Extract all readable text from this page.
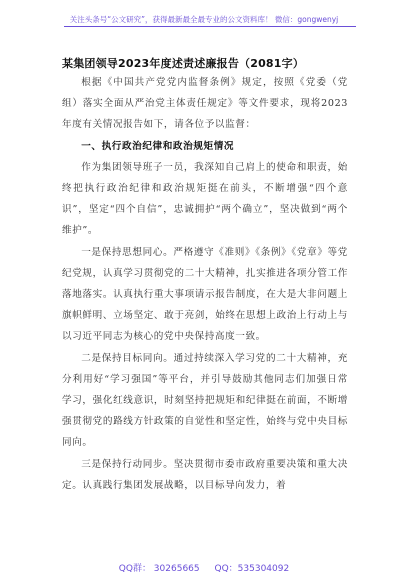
关注头条号“公文研究”，获得最新最全最专业的公文资料库！ 微信：gongwenyj
某集团领导2023年度述责述廉报告（2081字）

根据《中国共产党党内监督条例》规定，按照《党委（党组）落实全面从严治党主体责任规定》等文件要求，现将2023年度有关情况报告如下，请各位予以监督：

一、执行政治纪律和政治规矩情况

作为集团领导班子一员，我深知自己肩上的使命和职责，始终把执行政治纪律和政治规矩挺在前头，不断增强“四个意识”，坚定“四个自信”，忠诚拥护“两个确立”，坚决做到“两个维护”。

一是保持思想同心。严格遵守《准则》《条例》《党章》等党纪党规，认真学习贯彻党的二十大精神，扎实推进各项分管工作落地落实。认真执行重大事项请示报告制度，在大是大非问题上旗帜鲜明、立场坚定、敢于亮剑，始终在思想上政治上行动上与以习近平同志为核心的党中央保持高度一致。

二是保持目标同向。通过持续深入学习党的二十大精神，充分利用好“学习强国”等平台，并引导鼓励其他同志们加强日常学习，强化红线意识，时刻坚持把规矩和纪律挺在前面，不断增强贯彻党的路线方针政策的自觉性和坚定性，始终与党中央目标同向。

三是保持行动同步。坚决贯彻市委市政府重要决策和重大决定。认真践行集团发展战略，以目标导向发力，着

QQ群： 30265665 QQ：535304092
